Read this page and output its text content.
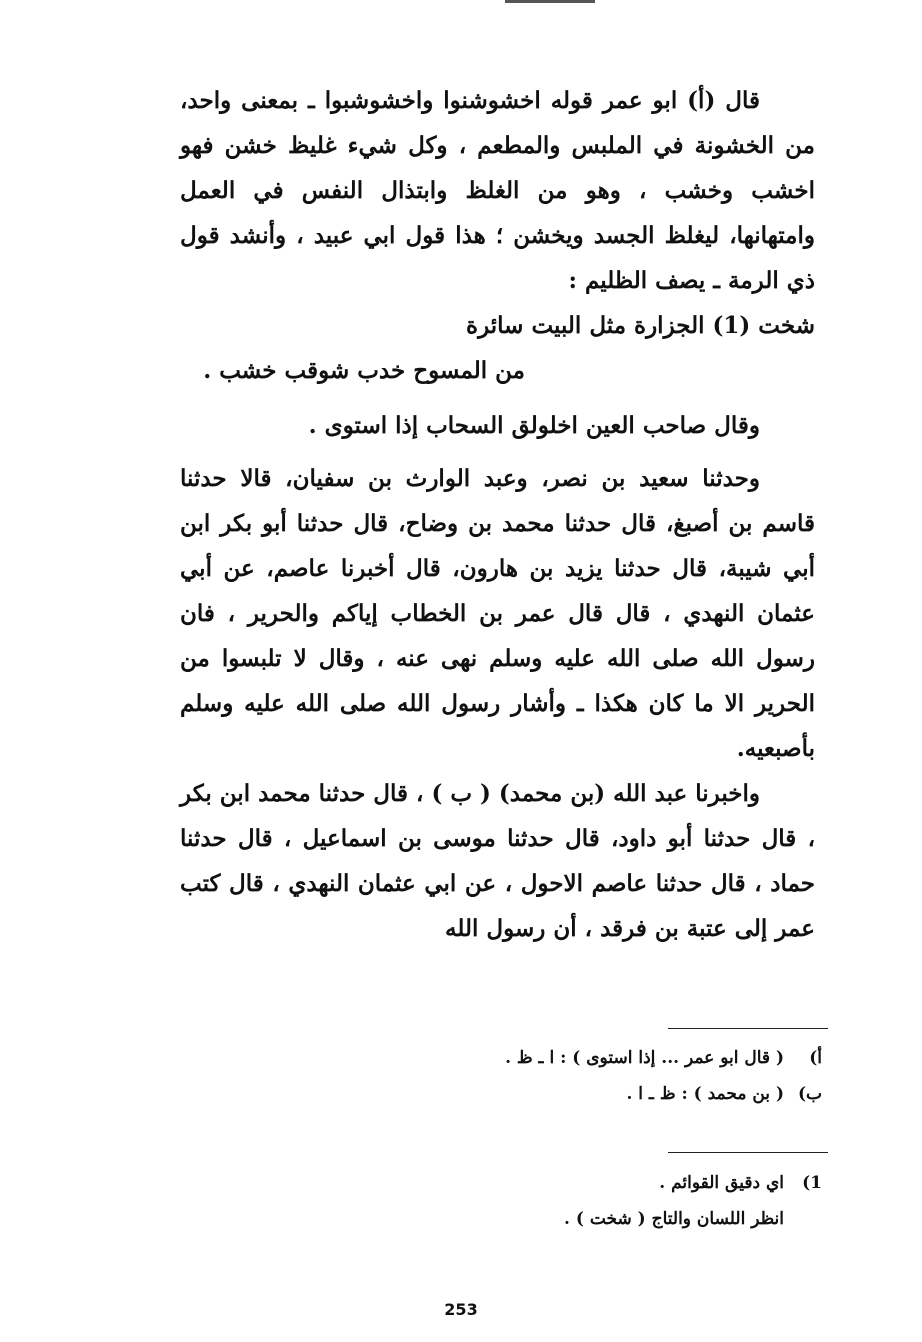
قال (أ) ابو عمر قوله اخشوشنوا واخشوشبوا ـ بمعنى واحد، من الخشونة في الملبس والمطعم ، وكل شيء غليظ خشن فهو اخشب وخشب ، وهو من الغلظ وابتذال النفس في العمل وامتهانها، ليغلظ الجسد ويخشن ؛ هذا قول ابي عبيد ، وأنشد قول ذي الرمة ـ يصف الظليم :

شخت (1) الجزارة مثل البيت سائرة

من المسوح خدب شوقب خشب .

وقال صاحب العين اخلولق السحاب إذا استوى .

وحدثنا سعيد بن نصر، وعبد الوارث بن سفيان، قالا حدثنا قاسم بن أصبغ، قال حدثنا محمد بن وضاح، قال حدثنا أبو بكر ابن أبي شيبة، قال حدثنا يزيد بن هارون، قال أخبرنا عاصم، عن أبي عثمان النهدي ، قال قال عمر بن الخطاب إياكم والحرير ، فان رسول الله صلى الله عليه وسلم نهى عنه ، وقال لا تلبسوا من الحرير الا ما كان هكذا ـ وأشار رسول الله صلى الله عليه وسلم بأصبعيه.

واخبرنا عبد الله (بن محمد) ( ب ) ، قال حدثنا محمد ابن بكر ، قال حدثنا أبو داود، قال حدثنا موسى بن اسماعيل ، قال حدثنا حماد ، قال حدثنا عاصم الاحول ، عن ابي عثمان النهدي ، قال كتب عمر إلى عتبة بن فرقد ، أن رسول الله

أ)
( قال ابو عمر ... إذا استوى ) : ا ـ ظ .

ب)
( بن محمد ) : ظ ـ ا .

1)
اي دقيق القوائم .

انظر اللسان والتاج ( شخت ) .

253
